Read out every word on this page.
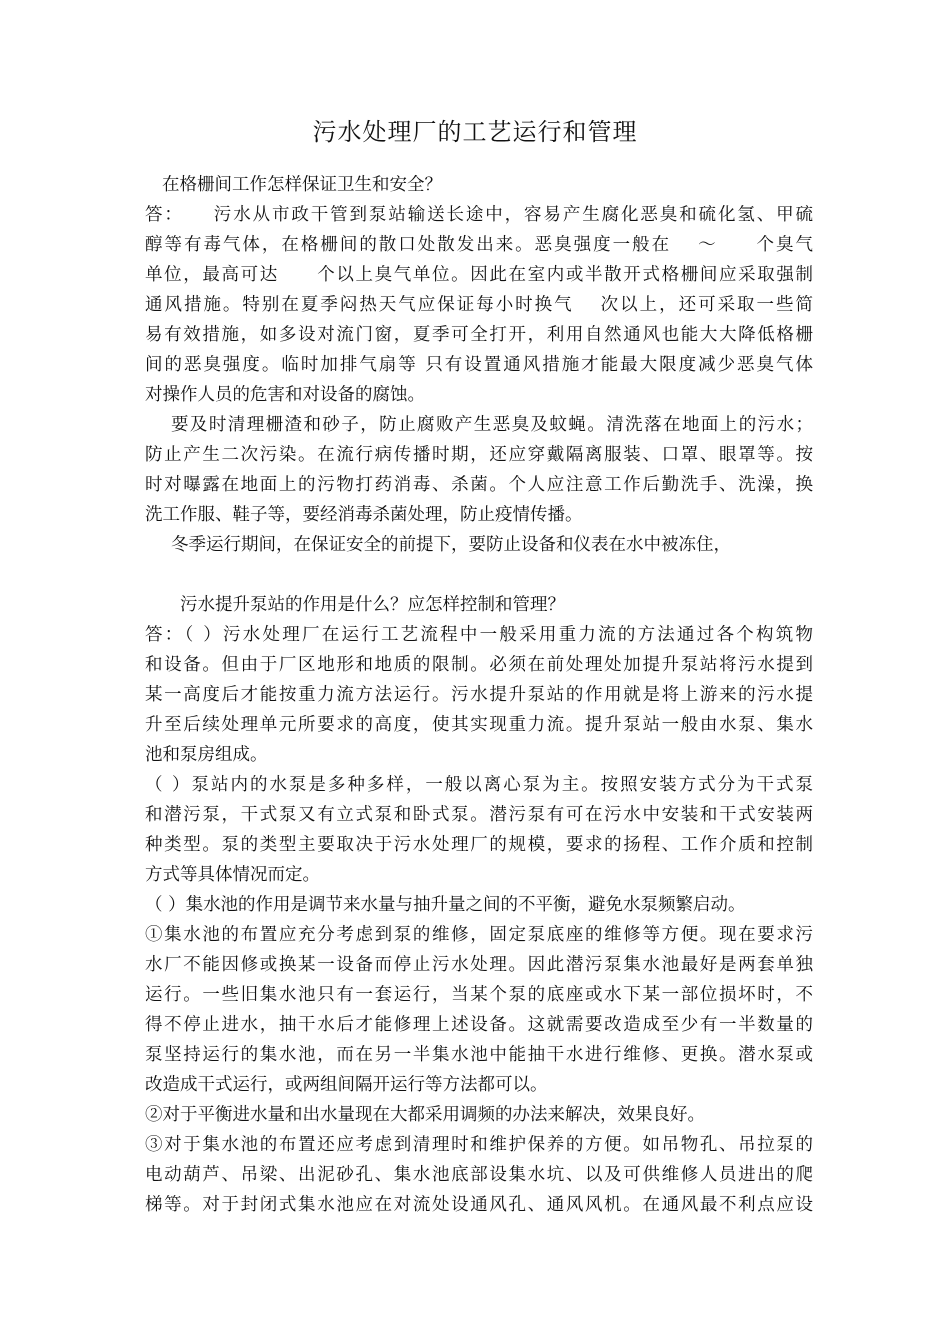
污水处理厂的工艺运行和管理
在格栅间工作怎样保证卫生和安全？
答：　　污水从市政干管到泵站输送长途中，容易产生腐化恶臭和硫化氢、甲硫
醇等有毒气体，在格栅间的散口处散发出来。恶臭强度一般在　 ～　　个臭气
单位，最高可达　　个以上臭气单位。因此在室内或半散开式格栅间应采取强制
通风措施。特别在夏季闷热天气应保证每小时换气　 次以上，还可采取一些简
易有效措施，如多设对流门窗，夏季可全打开，利用自然通风也能大大降低格栅
间的恶臭强度。临时加排气扇等 只有设置通风措施才能最大限度减少恶臭气体
对操作人员的危害和对设备的腐蚀。
要及时清理栅渣和砂子，防止腐败产生恶臭及蚊蝇。清洗落在地面上的污水；
防止产生二次污染。在流行病传播时期，还应穿戴隔离服装、口罩、眼罩等。按
时对曝露在地面上的污物打药消毒、杀菌。个人应注意工作后勤洗手、洗澡，换
洗工作服、鞋子等，要经消毒杀菌处理，防止疫情传播。
冬季运行期间，在保证安全的前提下，要防止设备和仪表在水中被冻住，
污水提升泵站的作用是什么？应怎样控制和管理？
答：（ ）污水处理厂在运行工艺流程中一般采用重力流的方法通过各个构筑物
和设备。但由于厂区地形和地质的限制。必须在前处理处加提升泵站将污水提到
某一高度后才能按重力流方法运行。污水提升泵站的作用就是将上游来的污水提
升至后续处理单元所要求的高度，使其实现重力流。提升泵站一般由水泵、集水
池和泵房组成。
（ ）泵站内的水泵是多种多样，一般以离心泵为主。按照安装方式分为干式泵
和潜污泵，干式泵又有立式泵和卧式泵。潜污泵有可在污水中安装和干式安装两
种类型。泵的类型主要取决于污水处理厂的规模，要求的扬程、工作介质和控制
方式等具体情况而定。
（ ）集水池的作用是调节来水量与抽升量之间的不平衡，避免水泵频繁启动。
①集水池的布置应充分考虑到泵的维修，固定泵底座的维修等方便。现在要求污
水厂不能因修或换某一设备而停止污水处理。因此潜污泵集水池最好是两套单独
运行。一些旧集水池只有一套运行，当某个泵的底座或水下某一部位损坏时，不
得不停止进水，抽干水后才能修理上述设备。这就需要改造成至少有一半数量的
泵坚持运行的集水池，而在另一半集水池中能抽干水进行维修、更换。潜水泵或
改造成干式运行，或两组间隔开运行等方法都可以。
②对于平衡进水量和出水量现在大都采用调频的办法来解决，效果良好。
③对于集水池的布置还应考虑到清理时和维护保养的方便。如吊物孔、吊拉泵的
电动葫芦、吊梁、出泥砂孔、集水池底部设集水坑、以及可供维修人员进出的爬
梯等。对于封闭式集水池应在对流处设通风孔、通风风机。在通风最不利点应设
